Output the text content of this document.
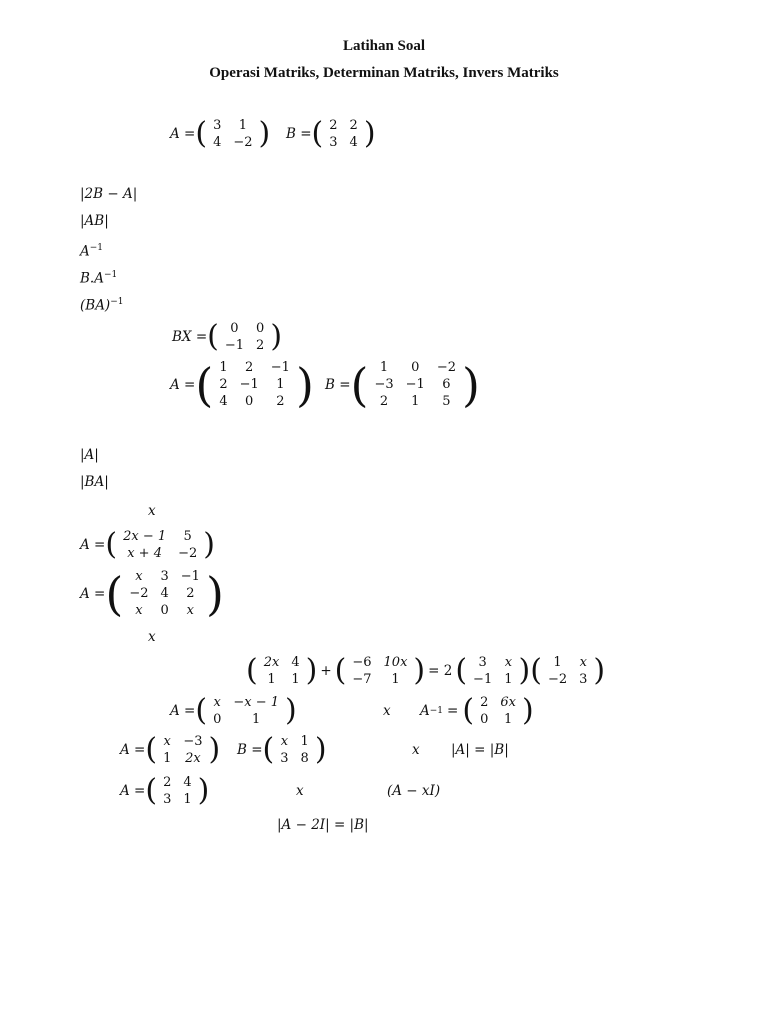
Latihan Soal
Operasi Matriks, Determinan Matriks, Invers Matriks
A = ( 3	1
4	−2 ) B = ( 2	2
3	4 )
|2B − A|
|AB|
$A^{-1}$
$B.A^{-1}$
(BA)$^{-1}$
BX = ( 0	0
−1	2 )
A = ( 1	2	−1
2	−1	1
4	0	2 ) B = ( 1	0	−2
−3	−1	6
2	1	5 )
|A|
|BA|
x
A = ( 2x − 1	5
x + 4	−2 )
A = ( x	3	−1
−2	4	2
x	0	x )
x
( 2x	4
1	1 ) + ( −6	10x
−7	1 ) = 2 ( 3	x
−1	1 ) ( 1	x
−2	3 )
A = ( x	−x − 1
0	1 )	x A −1 = ( 2	6x
0	1 )
A = ( x	−3
1	2x ) B = ( x	1
3	8 )	x |A| = |B|
A = ( 2	4
3	1 )	x	(A − xI)
|A − 2I| = |B|
